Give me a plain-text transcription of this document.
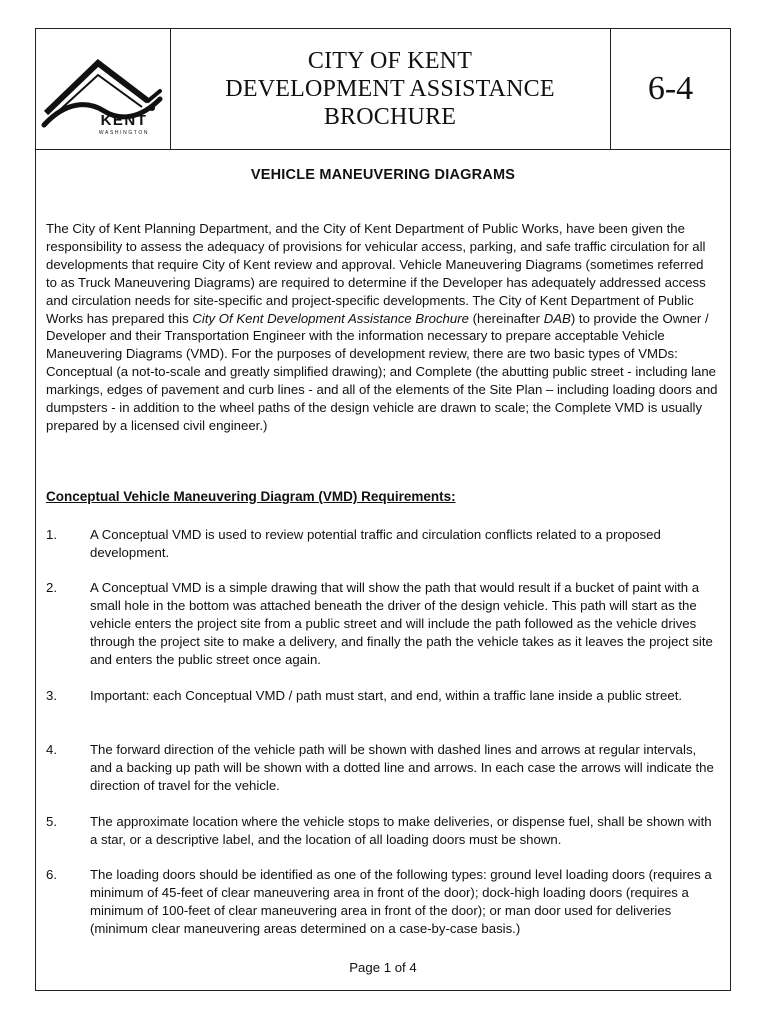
KENT
WASHINGTON
CITY OF KENT
DEVELOPMENT ASSISTANCE
BROCHURE
6-4
VEHICLE MANEUVERING DIAGRAMS

The City of Kent Planning Department, and the City of Kent Department of Public Works, have been given the responsibility to assess the adequacy of provisions for vehicular access, parking, and safe traffic circulation for all developments that require City of Kent review and approval. Vehicle Maneuvering Diagrams (sometimes referred to as Truck Maneuvering Diagrams) are required to determine if the Developer has adequately addressed access and circulation needs for site-specific and project-specific developments. The City of Kent Department of Public Works has prepared this City Of Kent Development Assistance Brochure (hereinafter DAB) to provide the Owner / Developer and their Transportation Engineer with the information necessary to prepare acceptable Vehicle Maneuvering Diagrams (VMD). For the purposes of development review, there are two basic types of VMDs: Conceptual (a not-to-scale and greatly simplified drawing); and Complete (the abutting public street - including lane markings, edges of pavement and curb lines - and all of the elements of the Site Plan – including loading doors and dumpsters - in addition to the wheel paths of the design vehicle are drawn to scale; the Complete VMD is usually prepared by a licensed civil engineer.)

Conceptual Vehicle Maneuvering Diagram (VMD) Requirements:

1.	A Conceptual VMD is used to review potential traffic and circulation conflicts related to a proposed development.

2.	A Conceptual VMD is a simple drawing that will show the path that would result if a bucket of paint with a small hole in the bottom was attached beneath the driver of the design vehicle. This path will start as the vehicle enters the project site from a public street and will include the path followed as the vehicle drives through the project site to make a delivery, and finally the path the vehicle takes as it leaves the project site and enters the public street once again.

3.	Important: each Conceptual VMD / path must start, and end, within a traffic lane inside a public street.

4.	The forward direction of the vehicle path will be shown with dashed lines and arrows at regular intervals, and a backing up path will be shown with a dotted line and arrows. In each case the arrows will indicate the direction of travel for the vehicle.

5.	The approximate location where the vehicle stops to make deliveries, or dispense fuel, shall be shown with a star, or a descriptive label, and the location of all loading doors must be shown.

6.	The loading doors should be identified as one of the following types: ground level loading doors (requires a minimum of 45-feet of clear maneuvering area in front of the door); dock-high loading doors (requires a minimum of 100-feet of clear maneuvering area in front of the door); or man door used for deliveries (minimum clear maneuvering areas determined on a case-by-case basis.)

Page 1 of 4
